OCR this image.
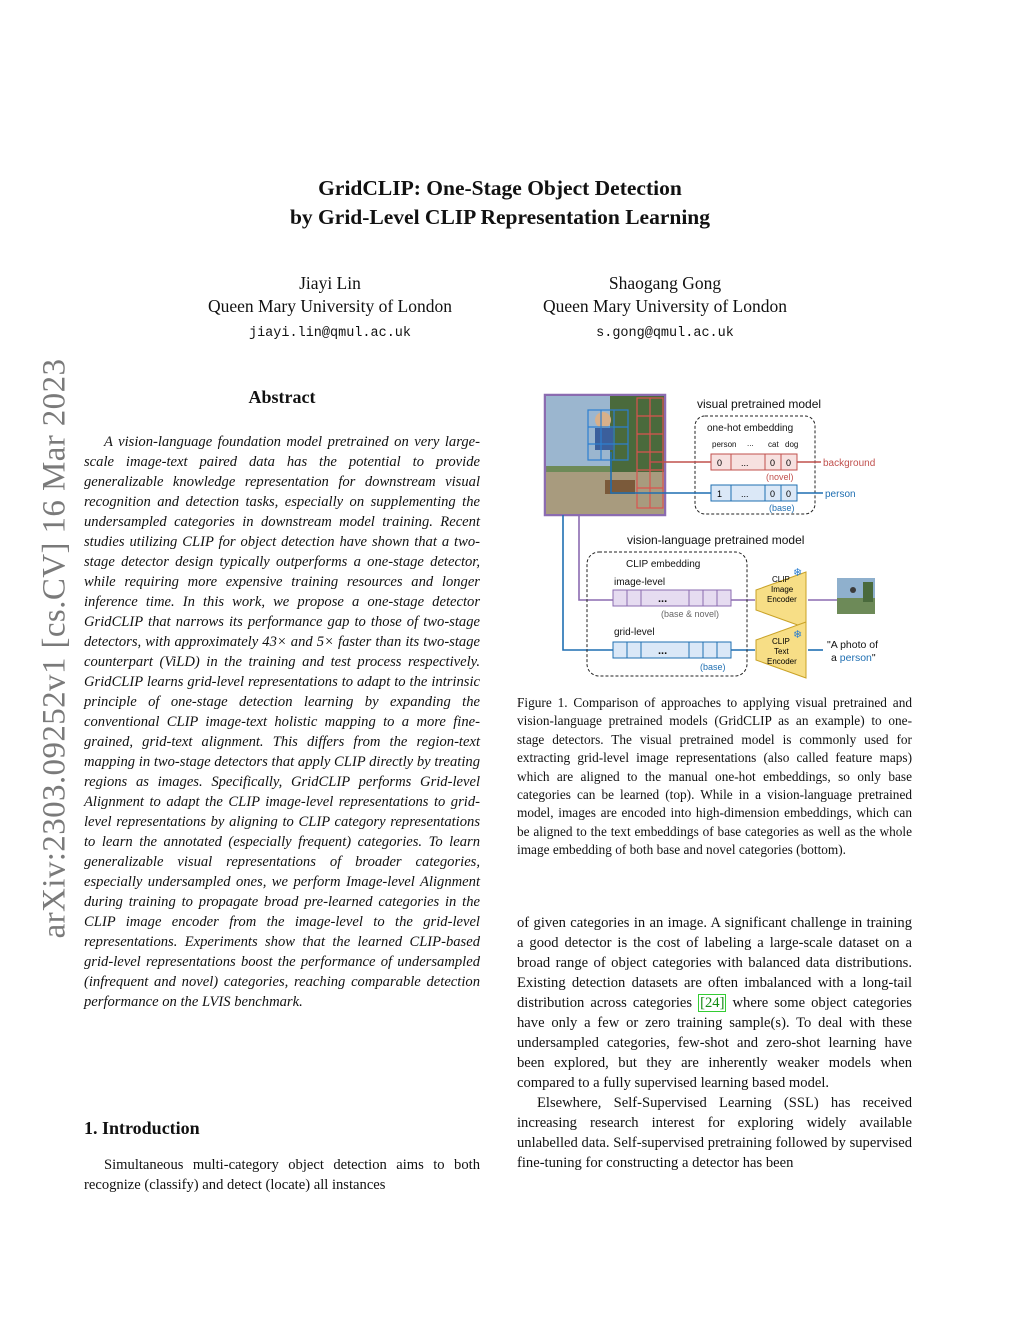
arXiv:2303.09252v1 [cs.CV] 16 Mar 2023
GridCLIP: One-Stage Object Detection
by Grid-Level CLIP Representation Learning
Jiayi Lin
Queen Mary University of London
jiayi.lin@qmul.ac.uk
Shaogang Gong
Queen Mary University of London
s.gong@qmul.ac.uk
Abstract

A vision-language foundation model pretrained on very large-scale image-text paired data has the potential to provide generalizable knowledge representation for downstream visual recognition and detection tasks, especially on supplementing the undersampled categories in downstream model training. Recent studies utilizing CLIP for object detection have shown that a two-stage detector design typically outperforms a one-stage detector, while requiring more expensive training resources and longer inference time. In this work, we propose a one-stage detector GridCLIP that narrows its performance gap to those of two-stage detectors, with approximately 43× and 5× faster than its two-stage counterpart (ViLD) in the training and test process respectively. GridCLIP learns grid-level representations to adapt to the intrinsic principle of one-stage detection learning by expanding the conventional CLIP image-text holistic mapping to a more fine-grained, grid-text alignment. This differs from the region-text mapping in two-stage detectors that apply CLIP directly by treating regions as images. Specifically, GridCLIP performs Grid-level Alignment to adapt the CLIP image-level representations to grid-level representations by aligning to CLIP category representations to learn the annotated (especially frequent) categories. To learn generalizable visual representations of broader categories, especially undersampled ones, we perform Image-level Alignment during training to propagate broad pre-learned categories in the CLIP image encoder from the image-level to the grid-level representations. Experiments show that the learned CLIP-based grid-level representations boost the performance of undersampled (infrequent and novel) categories, reaching comparable detection performance on the LVIS benchmark.

1. Introduction

Simultaneous multi-category object detection aims to both recognize (classify) and detect (locate) all instances

visual pretrained model
one-hot embedding
person ... cat dog
0 ... 0 0
(novel)
background
1 ... 0 0
(base)
person
vision-language pretrained model
CLIP embedding
image-level
...
(base & novel)
grid-level
...
(base)
CLIP
Image
Encoder
❄
CLIP
Text
Encoder
❄
"A photo of
a person"
Figure 1. Comparison of approaches to applying visual pretrained and vision-language pretrained models (GridCLIP as an example) to one-stage detectors. The visual pretrained model is commonly used for extracting grid-level image representations (also called feature maps) which are aligned to the manual one-hot embeddings, so only base categories can be learned (top). While in a vision-language pretrained model, images are encoded into high-dimension embeddings, which can be aligned to the text embeddings of base categories as well as the whole image embedding of both base and novel categories (bottom).

of given categories in an image. A significant challenge in training a good detector is the cost of labeling a large-scale dataset on a broad range of object categories with balanced data distributions. Existing detection datasets are often imbalanced with a long-tail distribution across categories [24] where some object categories have only a few or zero training sample(s). To deal with these undersampled categories, few-shot and zero-shot learning have been explored, but they are inherently weaker models when compared to a fully supervised learning based model.

Elsewhere, Self-Supervised Learning (SSL) has received increasing research interest for exploring widely available unlabelled data. Self-supervised pretraining followed by supervised fine-tuning for constructing a detector has been
